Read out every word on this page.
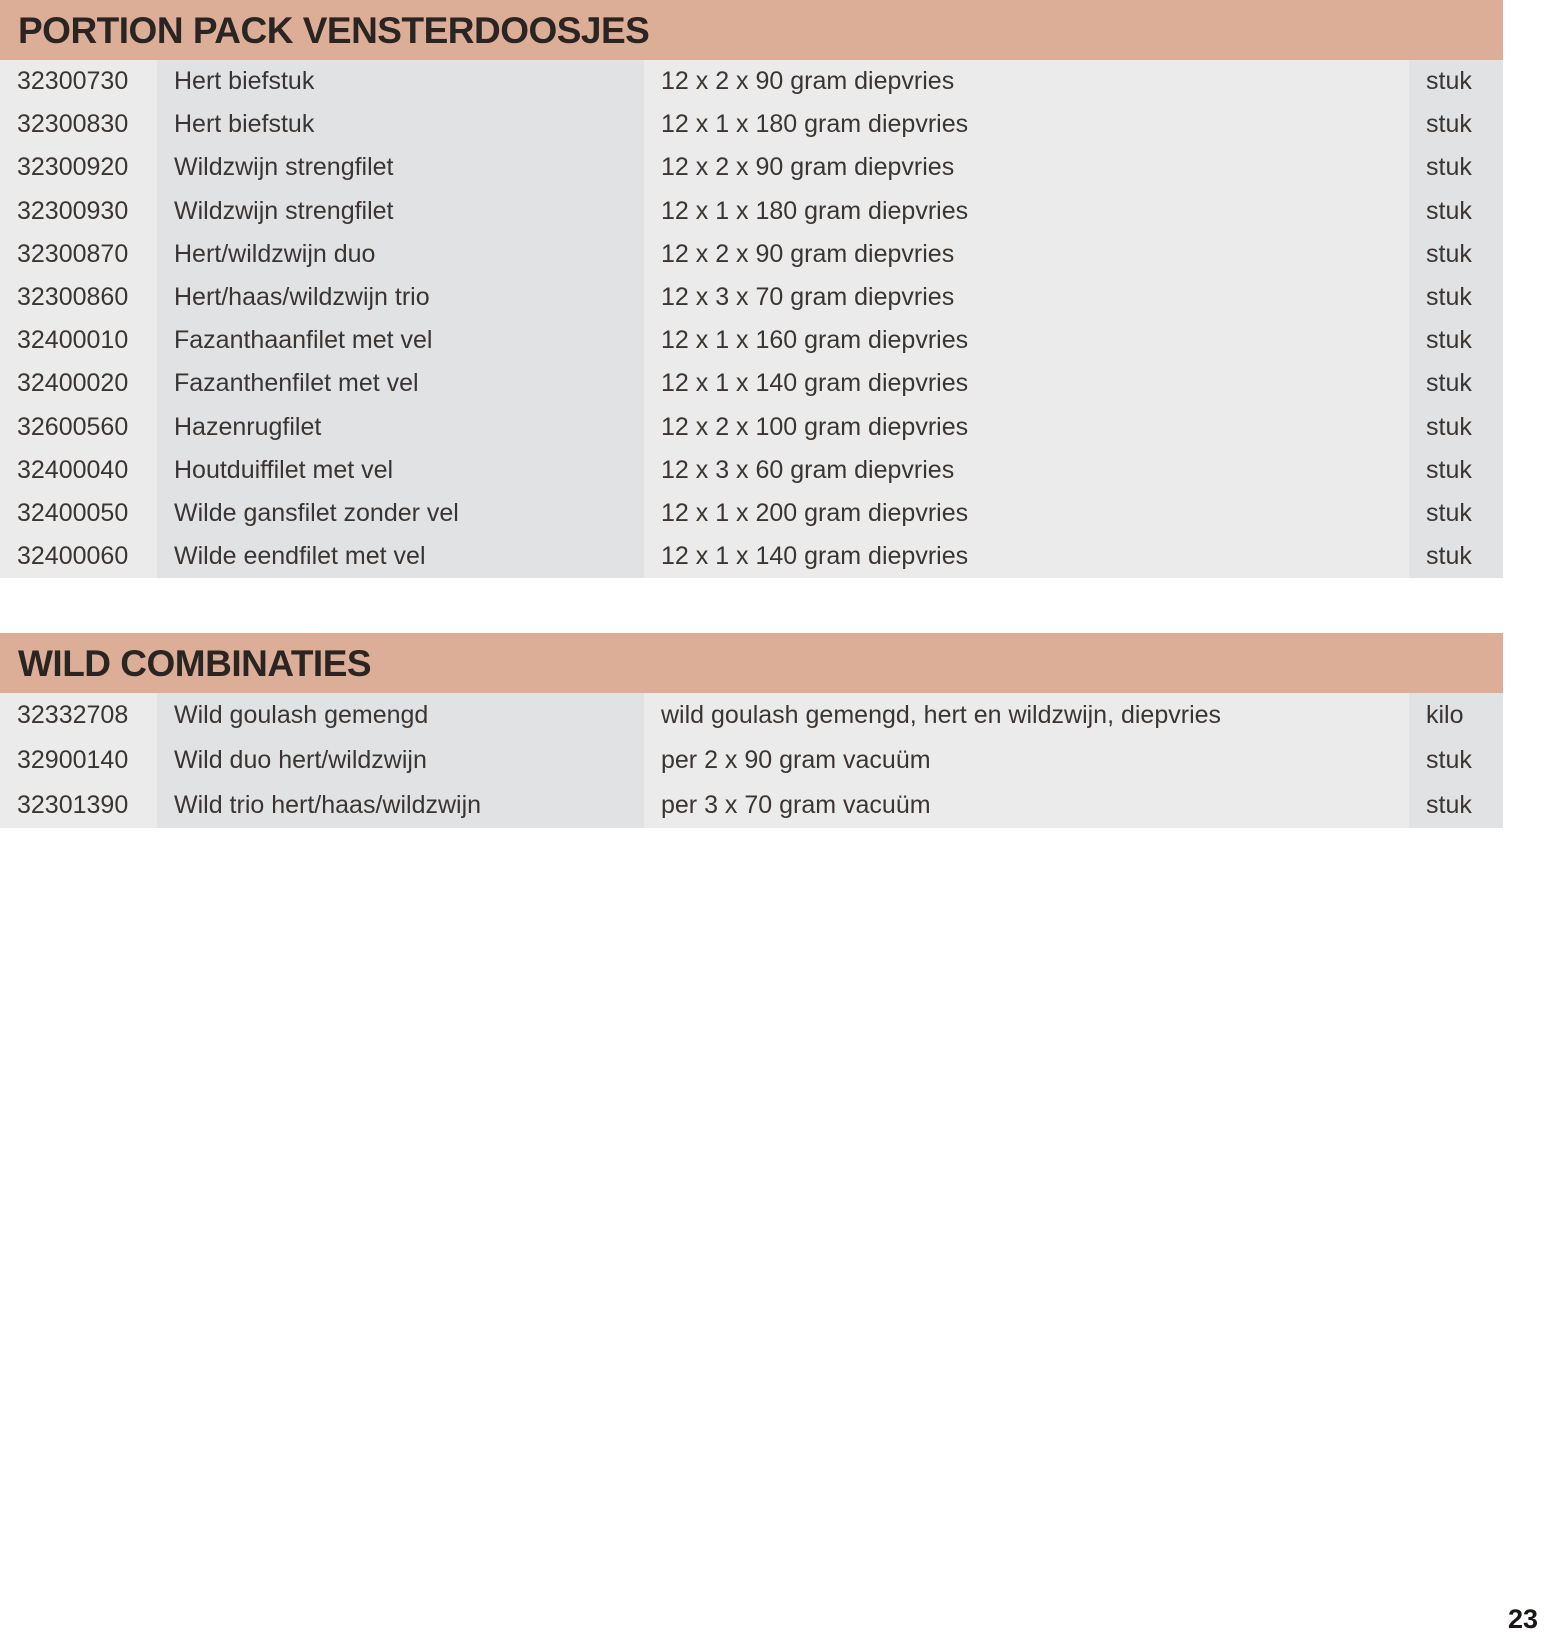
PORTION PACK VENSTERDOOSJES
32300730	Hert biefstuk	12 x 2 x 90 gram diepvries	stuk
32300830	Hert biefstuk	12 x 1 x 180 gram diepvries	stuk
32300920	Wildzwijn strengfilet	12 x 2 x 90 gram diepvries	stuk
32300930	Wildzwijn strengfilet	12 x 1 x 180 gram diepvries	stuk
32300870	Hert/wildzwijn duo	12 x 2 x 90 gram diepvries	stuk
32300860	Hert/haas/wildzwijn trio	12 x 3 x 70 gram diepvries	stuk
32400010	Fazanthaanfilet met vel	12 x 1 x 160 gram diepvries	stuk
32400020	Fazanthenfilet met vel	12 x 1 x 140 gram diepvries	stuk
32600560	Hazenrugfilet	12 x 2 x 100 gram diepvries	stuk
32400040	Houtduiffilet met vel	12 x 3 x 60 gram diepvries	stuk
32400050	Wilde gansfilet zonder vel	12 x 1 x 200 gram diepvries	stuk
32400060	Wilde eendfilet met vel	12 x 1 x 140 gram diepvries	stuk
WILD COMBINATIES
32332708	Wild goulash gemengd	wild goulash gemengd, hert en wildzwijn, diepvries	kilo
32900140	Wild duo hert/wildzwijn	per 2 x 90 gram vacuüm	stuk
32301390	Wild trio hert/haas/wildzwijn	per 3 x 70 gram vacuüm	stuk
23
